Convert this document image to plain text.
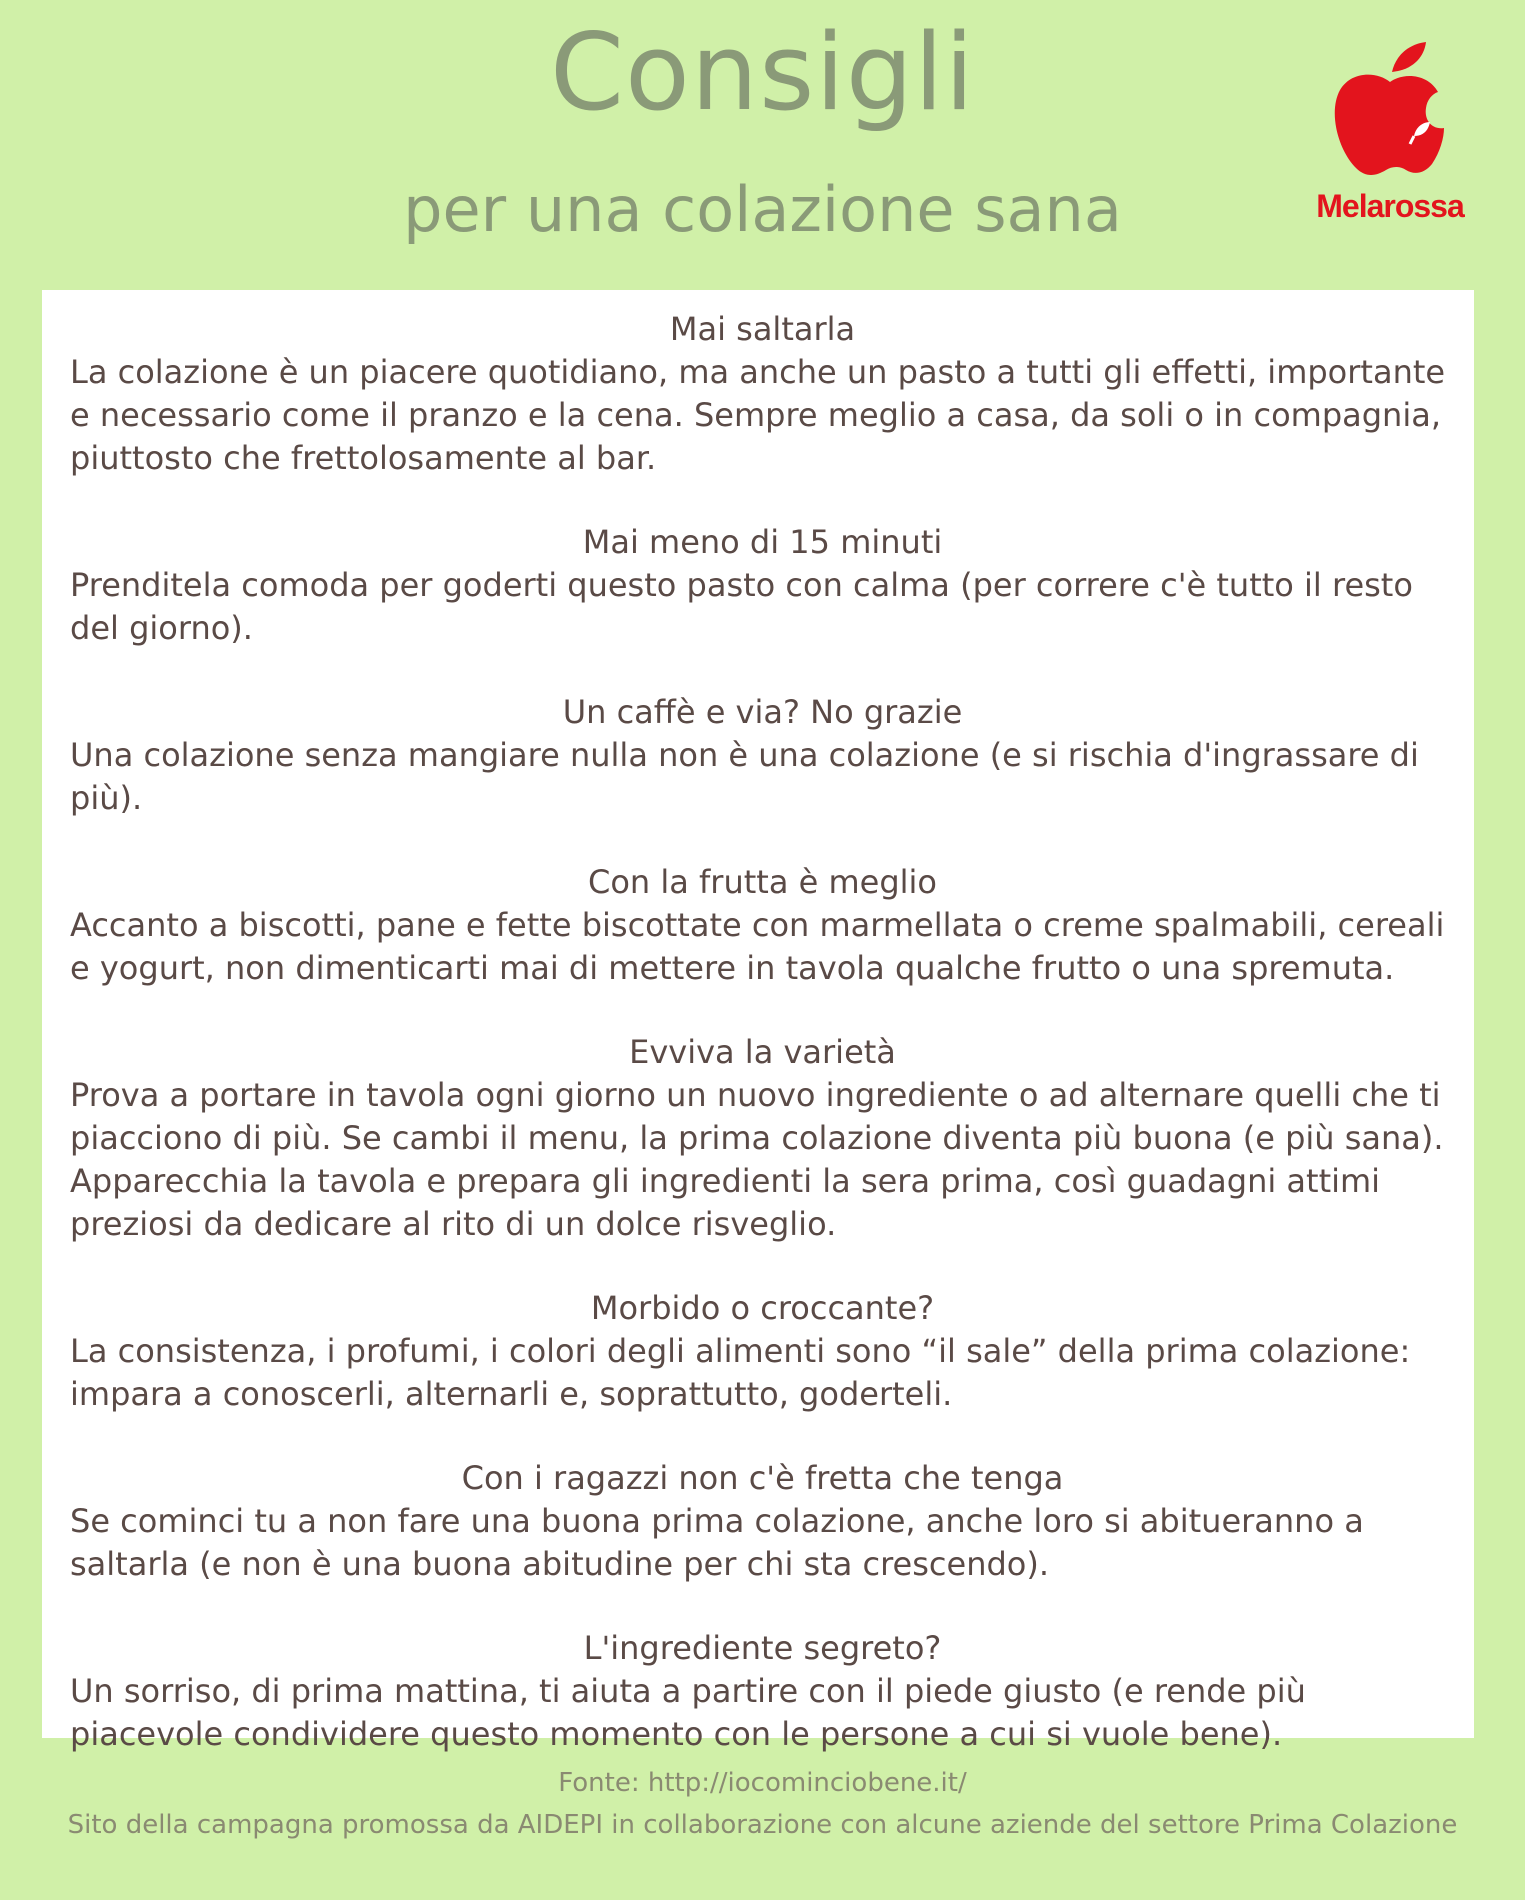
Consigli
per una colazione sana	Melarossa
Mai saltarla
La colazione è un piacere quotidiano, ma anche un pasto a tutti gli effetti, importante e necessario come il pranzo e la cena. Sempre meglio a casa, da soli o in compagnia, piuttosto che frettolosamente al bar.
Mai meno di 15 minuti
Prenditela comoda per goderti questo pasto con calma (per correre c'è tutto il resto del giorno).
Un caffè e via? No grazie
Una colazione senza mangiare nulla non è una colazione (e si rischia d'ingrassare di più).
Con la frutta è meglio
Accanto a biscotti, pane e fette biscottate con marmellata o creme spalmabili, cereali e yogurt, non dimenticarti mai di mettere in tavola qualche frutto o una spremuta.
Evviva la varietà
Prova a portare in tavola ogni giorno un nuovo ingrediente o ad alternare quelli che ti piacciono di più. Se cambi il menu, la prima colazione diventa più buona (e più sana). Apparecchia la tavola e prepara gli ingredienti la sera prima, così guadagni attimi preziosi da dedicare al rito di un dolce risveglio.
Morbido o croccante?
La consistenza, i profumi, i colori degli alimenti sono “il sale” della prima colazione: impara a conoscerli, alternarli e, soprattutto, goderteli.
Con i ragazzi non c'è fretta che tenga
Se cominci tu a non fare una buona prima colazione, anche loro si abitueranno a saltarla (e non è una buona abitudine per chi sta crescendo).
L'ingrediente segreto?
Un sorriso, di prima mattina, ti aiuta a partire con il piede giusto (e rende più piacevole condividere questo momento con le persone a cui si vuole bene).
Fonte: http://iocominciobene.it/
Sito della campagna promossa da AIDEPI in collaborazione con alcune aziende del settore Prima Colazione
